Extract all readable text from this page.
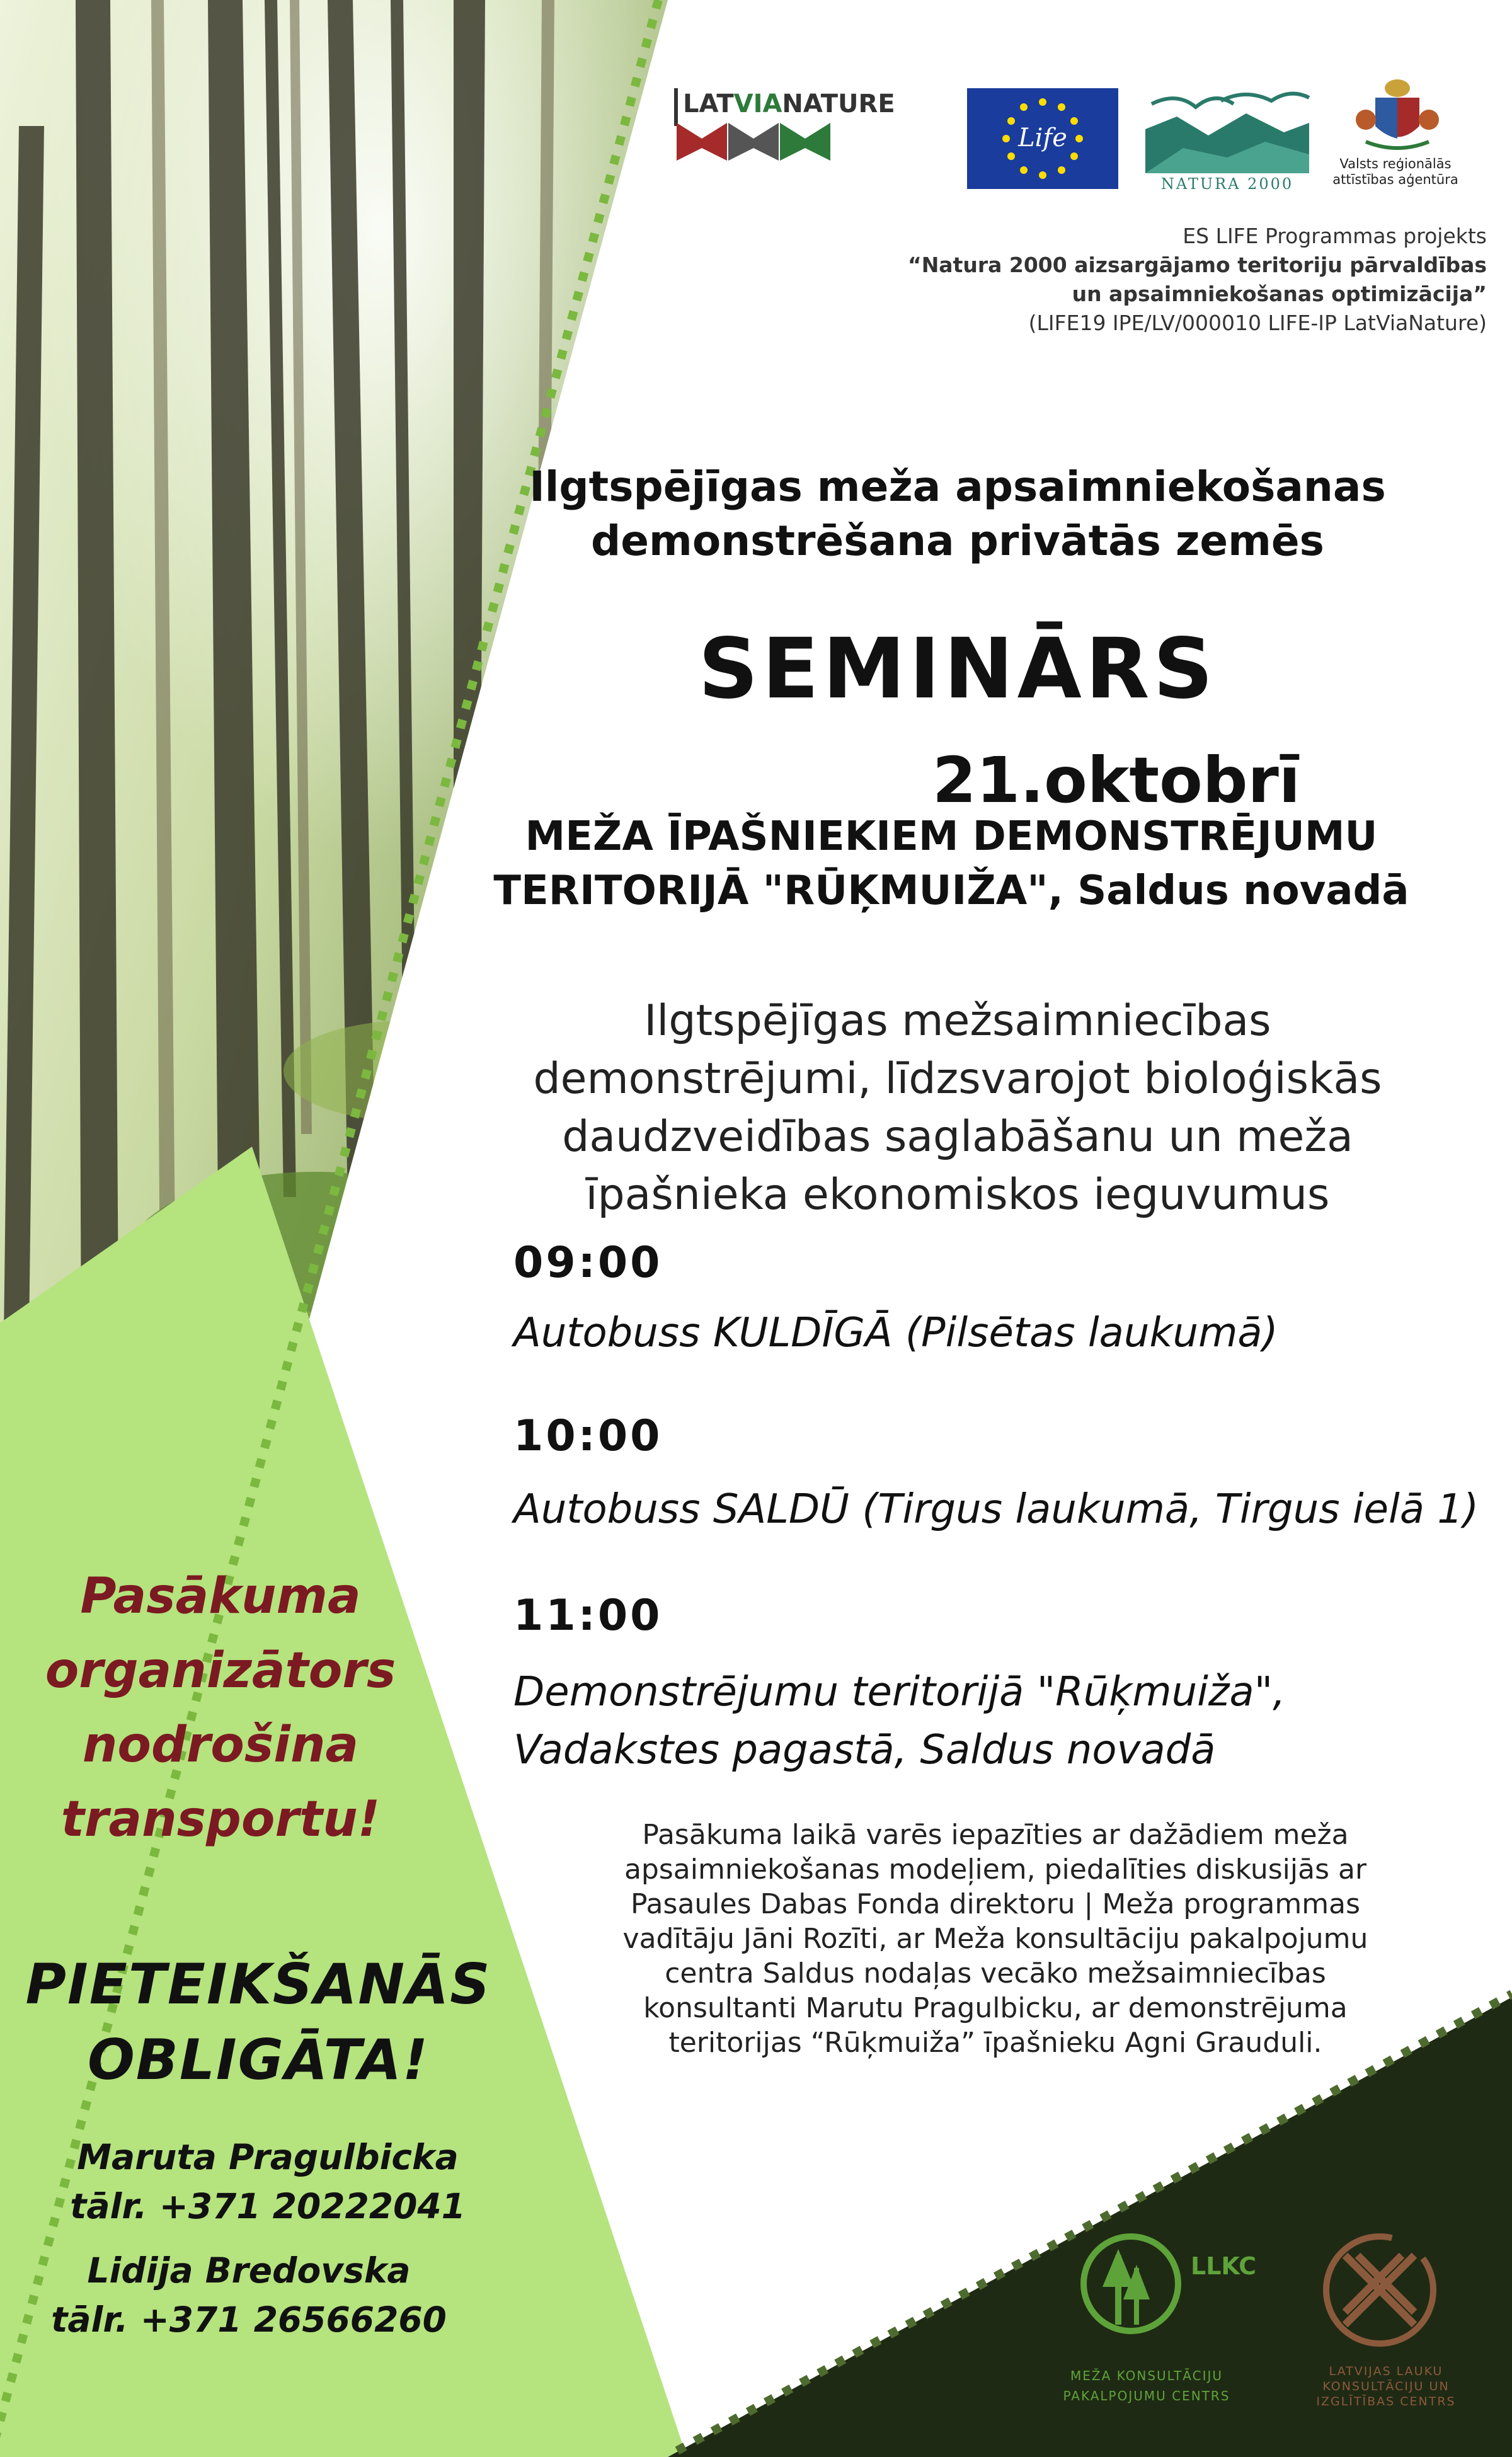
LATVIANATURE
Life
NATURA 2000
Valsts reģionālās
attīstības aģentūra
ES LIFE Programmas projekts
“Natura 2000 aizsargājamo teritoriju pārvaldības
un apsaimniekošanas optimizācija”
(LIFE19 IPE/LV/000010 LIFE-IP LatViaNature)
Ilgtspējīgas meža apsaimniekošanas
demonstrēšana privātās zemēs
SEMINĀRS
21.oktobrī
MEŽA ĪPAŠNIEKIEM DEMONSTRĒJUMU
TERITORIJĀ "RŪĶMUIŽA", Saldus novadā
Ilgtspējīgas mežsaimniecības
demonstrējumi, līdzsvarojot bioloģiskās
daudzveidības saglabāšanu un meža
īpašnieka ekonomiskos ieguvumus
09:00
Autobuss KULDĪGĀ (Pilsētas laukumā)
10:00
Autobuss SALDŪ (Tirgus laukumā, Tirgus ielā 1)
11:00
Demonstrējumu teritorijā "Rūķmuiža",
Vadakstes pagastā, Saldus novadā
Pasākuma laikā varēs iepazīties ar dažādiem meža
apsaimniekošanas modeļiem, piedalīties diskusijās ar
Pasaules Dabas Fonda direktoru | Meža programmas
vadītāju Jāni Rozīti, ar Meža konsultāciju pakalpojumu
centra Saldus nodaļas vecāko mežsaimniecības
konsultanti Marutu Pragulbicku, ar demonstrējuma
teritorijas “Rūķmuiža” īpašnieku Agni Grauduli.
Pasākuma
organizātors
nodrošina
transportu!
PIETEIKŠANĀS
OBLIGĀTA!
Maruta Pragulbicka
tālr. +371 20222041
Lidija Bredovska
tālr. +371 26566260
LLKC
MEŽA KONSULTĀCIJU
PAKALPOJUMU CENTRS
LATVIJAS LAUKU
KONSULTĀCIJU UN
IZGLĪTĪBAS CENTRS
